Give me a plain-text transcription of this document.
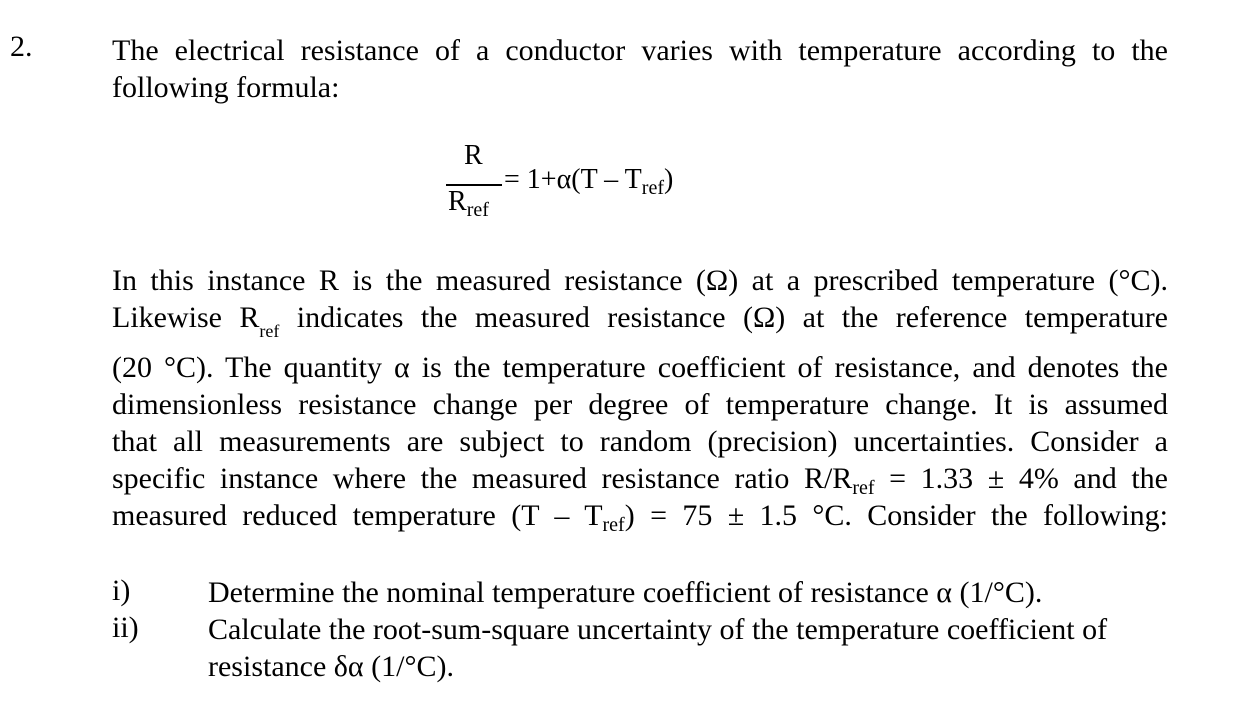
2.	The electrical resistance of a conductor varies with temperature according to the
following formula:
R
$R_{ref}$
= $1+\alpha(T - T_{ref})$
In this instance R is the measured resistance (Ω) at a prescribed temperature (°C).
Likewise $R_{ref}$ indicates the measured resistance (Ω) at the reference temperature
(20 °C). The quantity α is the temperature coefficient of resistance, and denotes the
dimensionless resistance change per degree of temperature change. It is assumed
that all measurements are subject to random (precision) uncertainties. Consider a
specific instance where the measured resistance ratio $R/R_{ref} = 1.33 \pm 4\%$ and the
measured reduced temperature $(T - T_{ref}) = 75 \pm 1.5$ °C. Consider the following:
i)	Determine the nominal temperature coefficient of resistance α (1/°C).
ii) Calculate the root-sum-square uncertainty of the temperature coefficient of
resistance δα (1/°C).
